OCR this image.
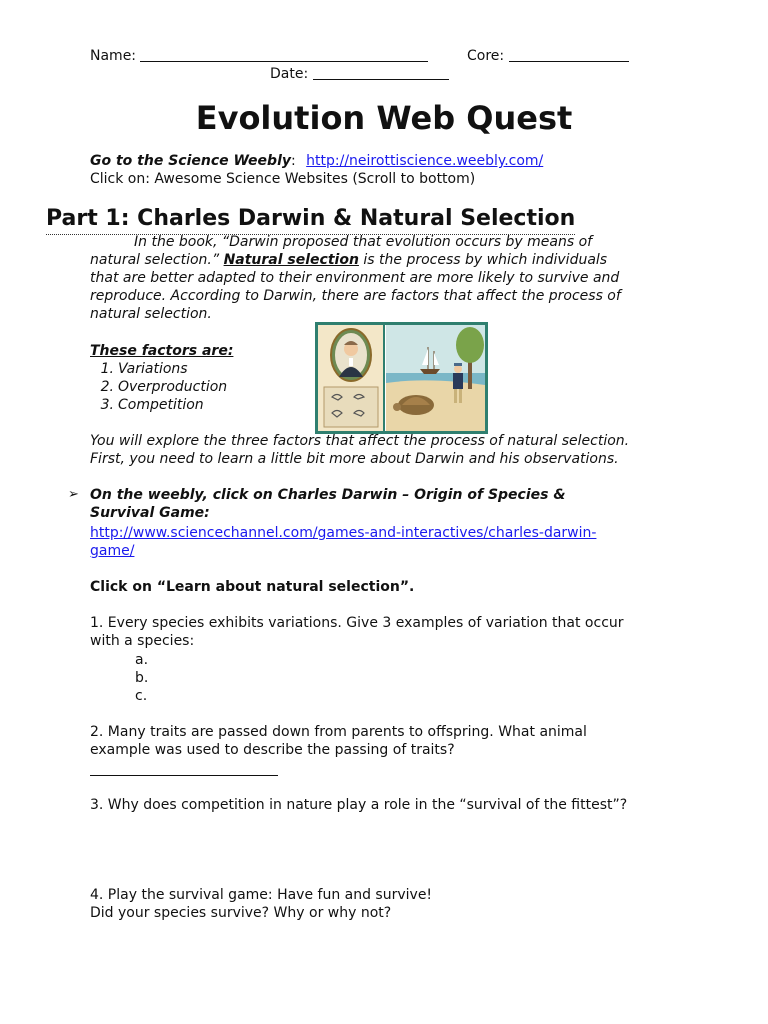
Name:	Core:
Date:
Evolution Web Quest
Go to the Science Weebly: http://neirottiscience.weebly.com/
Click on: Awesome Science Websites (Scroll to bottom)
Part 1: Charles Darwin & Natural Selection
In the book, “Darwin proposed that evolution occurs by means of
natural selection.” Natural selection is the process by which individuals
that are better adapted to their environment are more likely to survive and
reproduce. According to Darwin, there are factors that affect the process of
natural selection.
These factors are:
1. Variations
2. Overproduction
3. Competition
You will explore the three factors that affect the process of natural selection.
First, you need to learn a little bit more about Darwin and his observations.
➢ On the weebly, click on Charles Darwin – Origin of Species &
Survival Game:
http://www.sciencechannel.com/games-and-interactives/charles-darwin-
game/
Click on “Learn about natural selection”.
1. Every species exhibits variations. Give 3 examples of variation that occur
with a species:
a.
b.
c.
2. Many traits are passed down from parents to offspring. What animal
example was used to describe the passing of traits?
3. Why does competition in nature play a role in the “survival of the fittest”?
4. Play the survival game: Have fun and survive!
Did your species survive? Why or why not?
